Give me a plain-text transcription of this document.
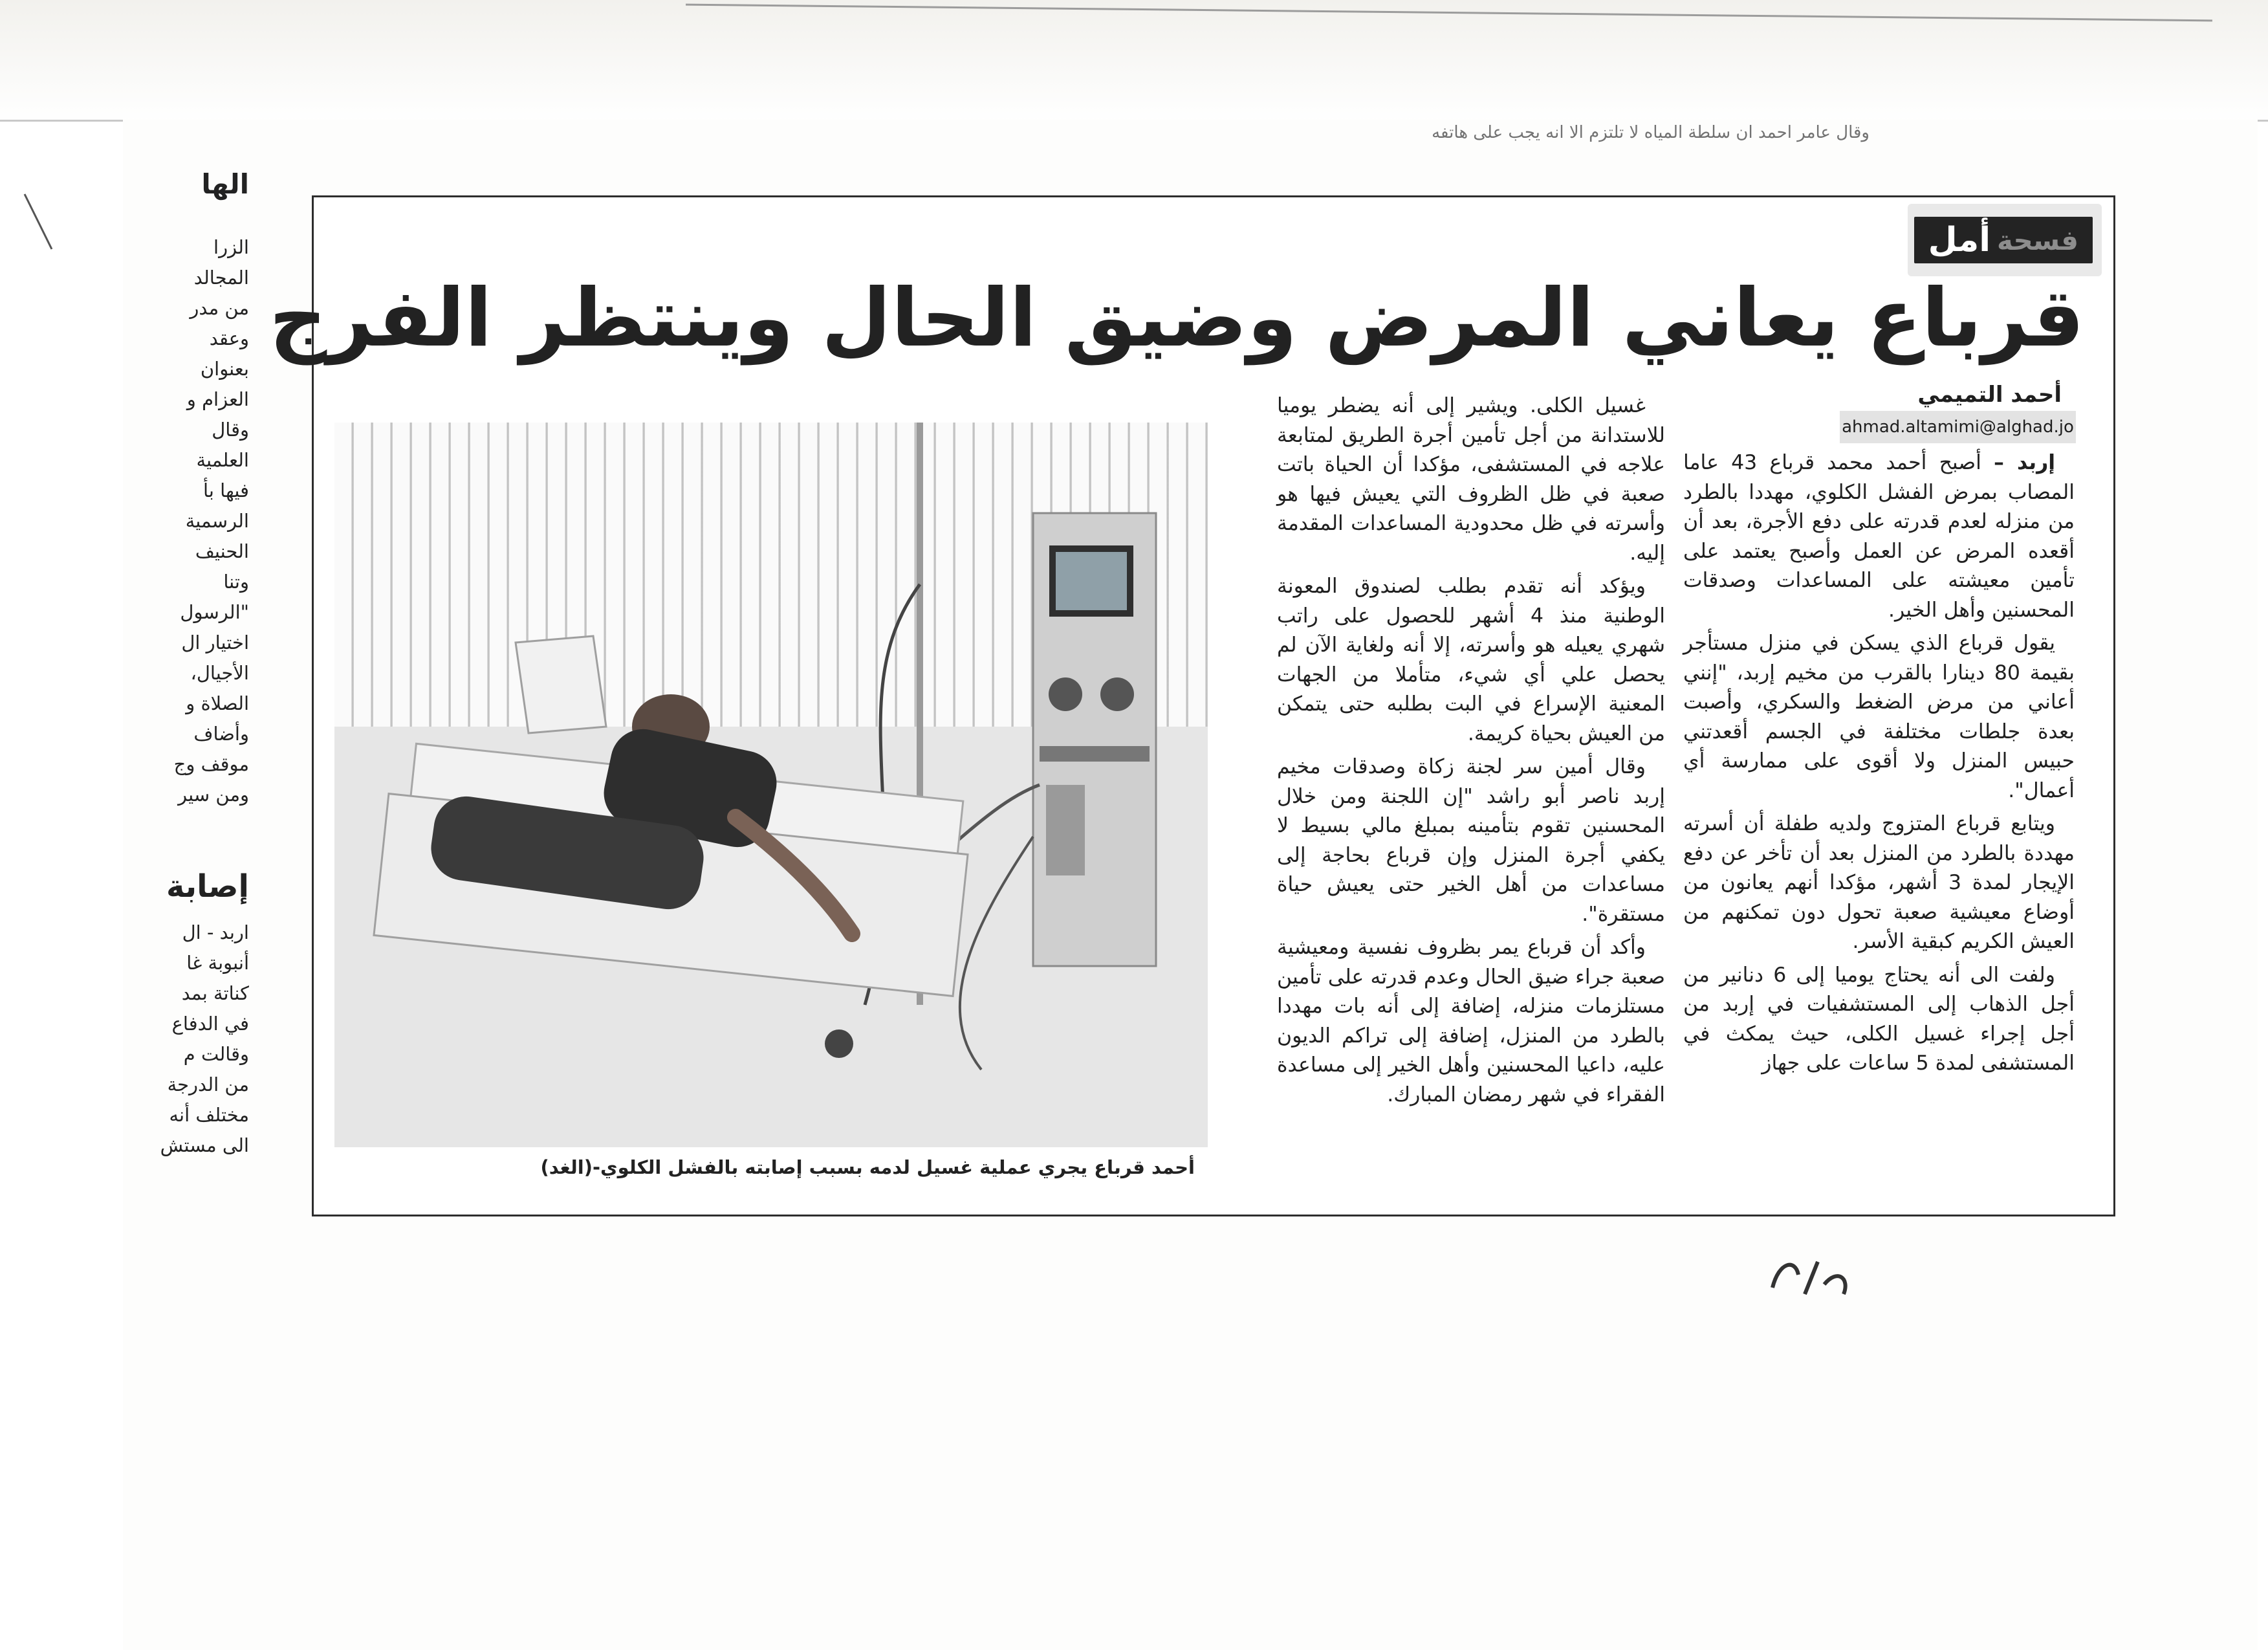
وقال عامر احمد ان سلطة المياه لا تلتزم الا انه يجب على هاتفه
الها
الزرا
المجالد
من مدر
وعقد
بعنوان
العزام و
وقال
العلمية
فيها بأ
الرسمية
الحنيف
وتنا
"الرسول
اختيار ال
الأجيال،
الصلاة و
وأضاف
موقف وج
ومن سير
إصابة
اربد - ال
أنبوبة غا
كناتة بمد
في الدفاع
وقالت م
من الدرجة
مختلف أنه
الى مستش
فسحة
أمل
قرباع يعاني المرض وضيق الحال وينتظر الفرج
أحمد التميمي
ahmad.altamimi@alghad.jo

إربد – أصبح أحمد محمد قرباع 43 عاما المصاب بمرض الفشل الكلوي، مهددا بالطرد من منزله لعدم قدرته على دفع الأجرة، بعد أن أقعده المرض عن العمل وأصبح يعتمد على تأمين معيشته على المساعدات وصدقات المحسنين وأهل الخير.

يقول قرباع الذي يسكن في منزل مستأجر بقيمة 80 دينارا بالقرب من مخيم إربد، "إنني أعاني من مرض الضغط والسكري، وأصبت بعدة جلطات مختلفة في الجسم أقعدتني حبيس المنزل ولا أقوى على ممارسة أي أعمال".

ويتابع قرباع المتزوج ولديه طفلة أن أسرته مهددة بالطرد من المنزل بعد أن تأخر عن دفع الإيجار لمدة 3 أشهر، مؤكدا أنهم يعانون من أوضاع معيشية صعبة تحول دون تمكنهم من العيش الكريم كبقية الأسر.

ولفت الى أنه يحتاج يوميا إلى 6 دنانير من أجل الذهاب إلى المستشفيات في إربد من أجل إجراء غسيل الكلى، حيث يمكث في المستشفى لمدة 5 ساعات على جهاز

غسيل الكلى. ويشير إلى أنه يضطر يوميا للاستدانة من أجل تأمين أجرة الطريق لمتابعة علاجه في المستشفى، مؤكدا أن الحياة باتت صعبة في ظل الظروف التي يعيش فيها هو وأسرته في ظل محدودية المساعدات المقدمة إليه.

ويؤكد أنه تقدم بطلب لصندوق المعونة الوطنية منذ 4 أشهر للحصول على راتب شهري يعيله هو وأسرته، إلا أنه ولغاية الآن لم يحصل علي أي شيء، متأملا من الجهات المعنية الإسراع في البت بطلبه حتى يتمكن من العيش بحياة كريمة.

وقال أمين سر لجنة زكاة وصدقات مخيم إربد ناصر أبو راشد "إن اللجنة ومن خلال المحسنين تقوم بتأمينه بمبلغ مالي بسيط لا يكفي أجرة المنزل وإن قرباع بحاجة إلى مساعدات من أهل الخير حتى يعيش حياة مستقرة".

وأكد أن قرباع يمر بظروف نفسية ومعيشية صعبة جراء ضيق الحال وعدم قدرته على تأمين مستلزمات منزله، إضافة إلى أنه بات مهددا بالطرد من المنزل، إضافة إلى تراكم الديون عليه، داعيا المحسنين وأهل الخير إلى مساعدة الفقراء في شهر رمضان المبارك.

أحمد قرباع يجري عملية غسيل لدمه بسبب إصابته بالفشل الكلوي-(الغد)
